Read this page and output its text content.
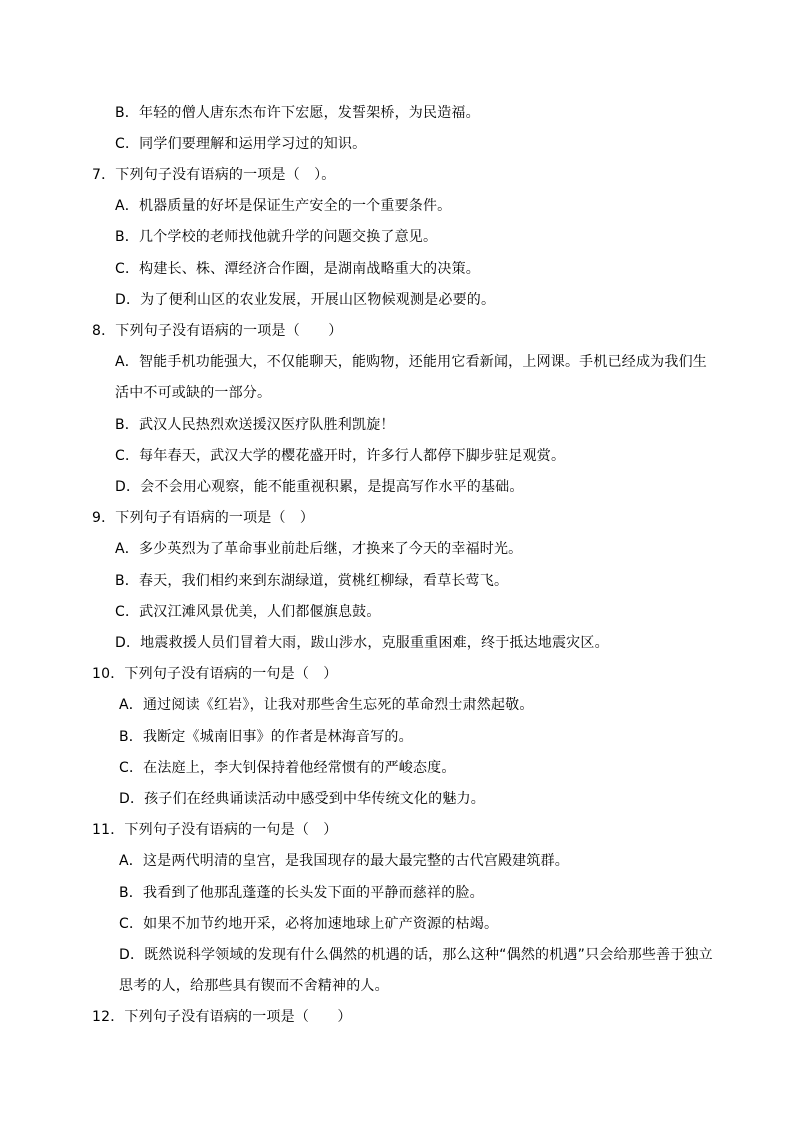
B．年轻的僧人唐东杰布许下宏愿，发誓架桥，为民造福。
C．同学们要理解和运用学习过的知识。
7．下列句子没有语病的一项是（　）。
A．机器质量的好坏是保证生产安全的一个重要条件。
B．几个学校的老师找他就升学的问题交换了意见。
C．构建长、株、潭经济合作圈，是湖南战略重大的决策。
D．为了便利山区的农业发展，开展山区物候观测是必要的。
8．下列句子没有语病的一项是（　　）
A．智能手机功能强大，不仅能聊天，能购物，还能用它看新闻，上网课。手机已经成为我们生
活中不可或缺的一部分。
B．武汉人民热烈欢送援汉医疗队胜利凯旋！
C．每年春天，武汉大学的樱花盛开时，许多行人都停下脚步驻足观赏。
D．会不会用心观察，能不能重视积累，是提高写作水平的基础。
9．下列句子有语病的一项是（　）
A．多少英烈为了革命事业前赴后继，才换来了今天的幸福时光。
B．春天，我们相约来到东湖绿道，赏桃红柳绿，看草长莺飞。
C．武汉江滩风景优美，人们都偃旗息鼓。
D．地震救援人员们冒着大雨，跋山涉水，克服重重困难，终于抵达地震灾区。
10．下列句子没有语病的一句是（　）
A．通过阅读《红岩》，让我对那些舍生忘死的革命烈士肃然起敬。
B．我断定《城南旧事》的作者是林海音写的。
C．在法庭上，李大钊保持着他经常惯有的严峻态度。
D．孩子们在经典诵读活动中感受到中华传统文化的魅力。
11．下列句子没有语病的一句是（　）
A．这是两代明清的皇宫，是我国现存的最大最完整的古代宫殿建筑群。
B．我看到了他那乱蓬蓬的长头发下面的平静而慈祥的脸。
C．如果不加节约地开采，必将加速地球上矿产资源的枯竭。
D．既然说科学领域的发现有什么偶然的机遇的话，那么这种“偶然的机遇”只会给那些善于独立
思考的人，给那些具有锲而不舍精神的人。
12．下列句子没有语病的一项是（　　）
